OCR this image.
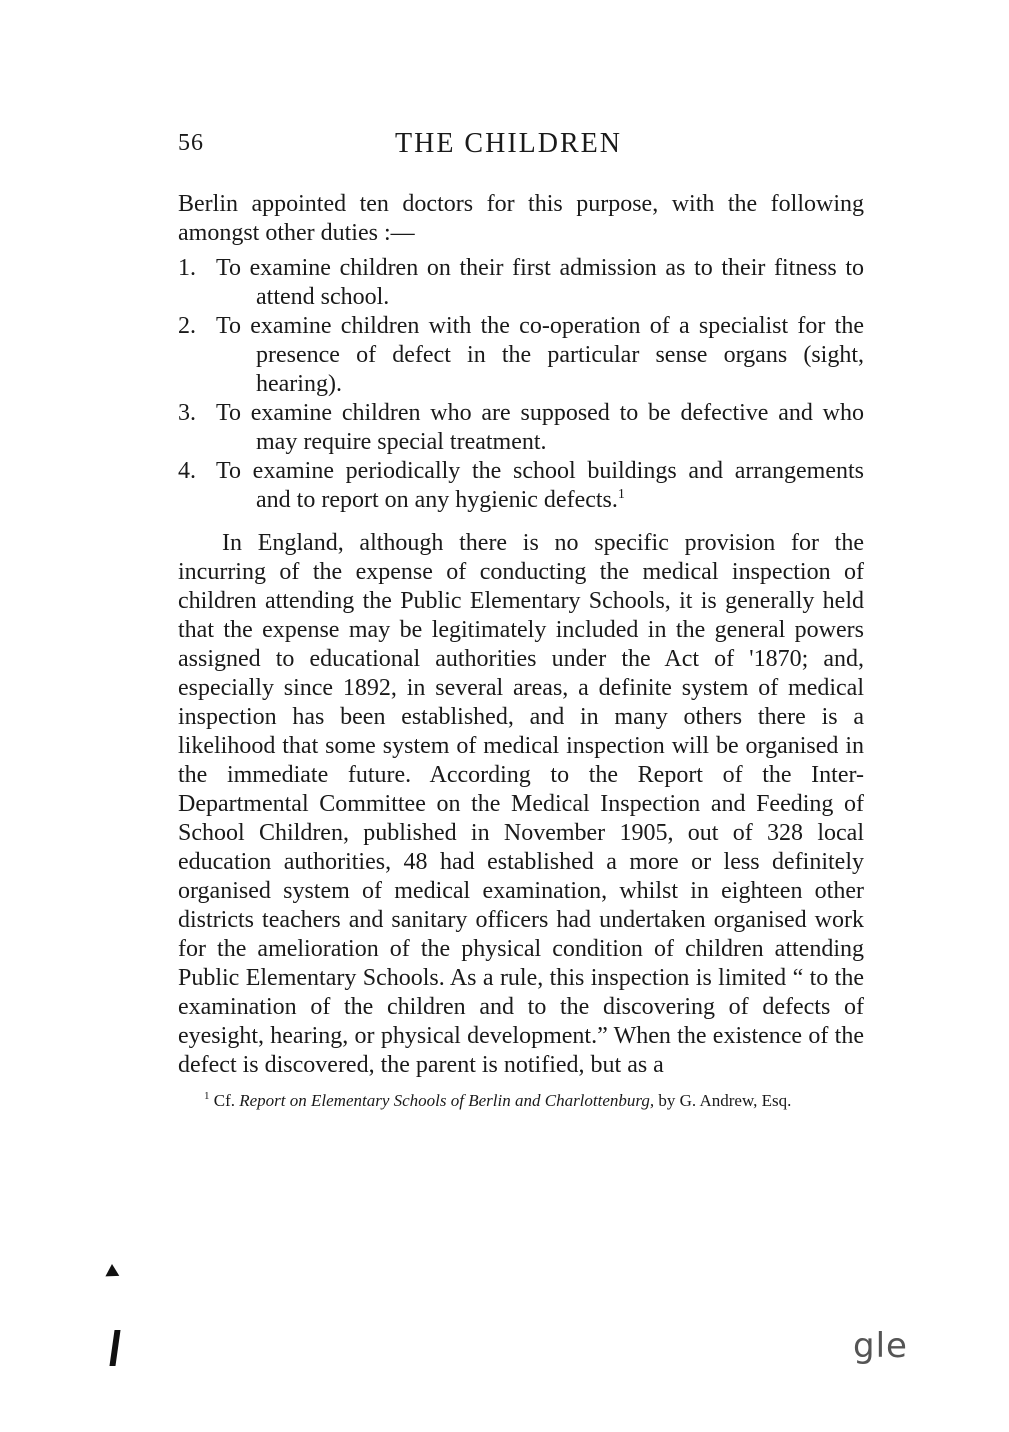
56	THE CHILDREN

Berlin appointed ten doctors for this purpose, with the following amongst other duties :—

1. To examine children on their first admission as to their fitness to attend school.
2. To examine children with the co-operation of a specialist for the presence of defect in the particular sense organs (sight, hearing).
3. To examine children who are supposed to be defective and who may require special treatment.
4. To examine periodically the school buildings and arrangements and to report on any hygienic defects.$^1$

In England, although there is no specific provision for the incurring of the expense of conducting the medical inspection of children attending the Public Elementary Schools, it is generally held that the expense may be legitimately included in the general powers assigned to educational authorities under the Act of '1870; and, especially since 1892, in several areas, a definite system of medical inspection has been established, and in many others there is a likelihood that some system of medical inspection will be organised in the immediate future. According to the Report of the Inter-Departmental Committee on the Medical Inspection and Feeding of School Children, published in November 1905, out of 328 local education authorities, 48 had established a more or less definitely organised system of medical examination, whilst in eighteen other districts teachers and sanitary officers had undertaken organised work for the amelioration of the physical condition of children attending Public Elementary Schools. As a rule, this inspection is limited “ to the examination of the children and to the discovering of defects of eyesight, hearing, or physical development.” When the existence of the defect is discovered, the parent is notified, but as a

$^1$ Cf. Report on Elementary Schools of Berlin and Charlottenburg, by G. Andrew, Esq.

gle
